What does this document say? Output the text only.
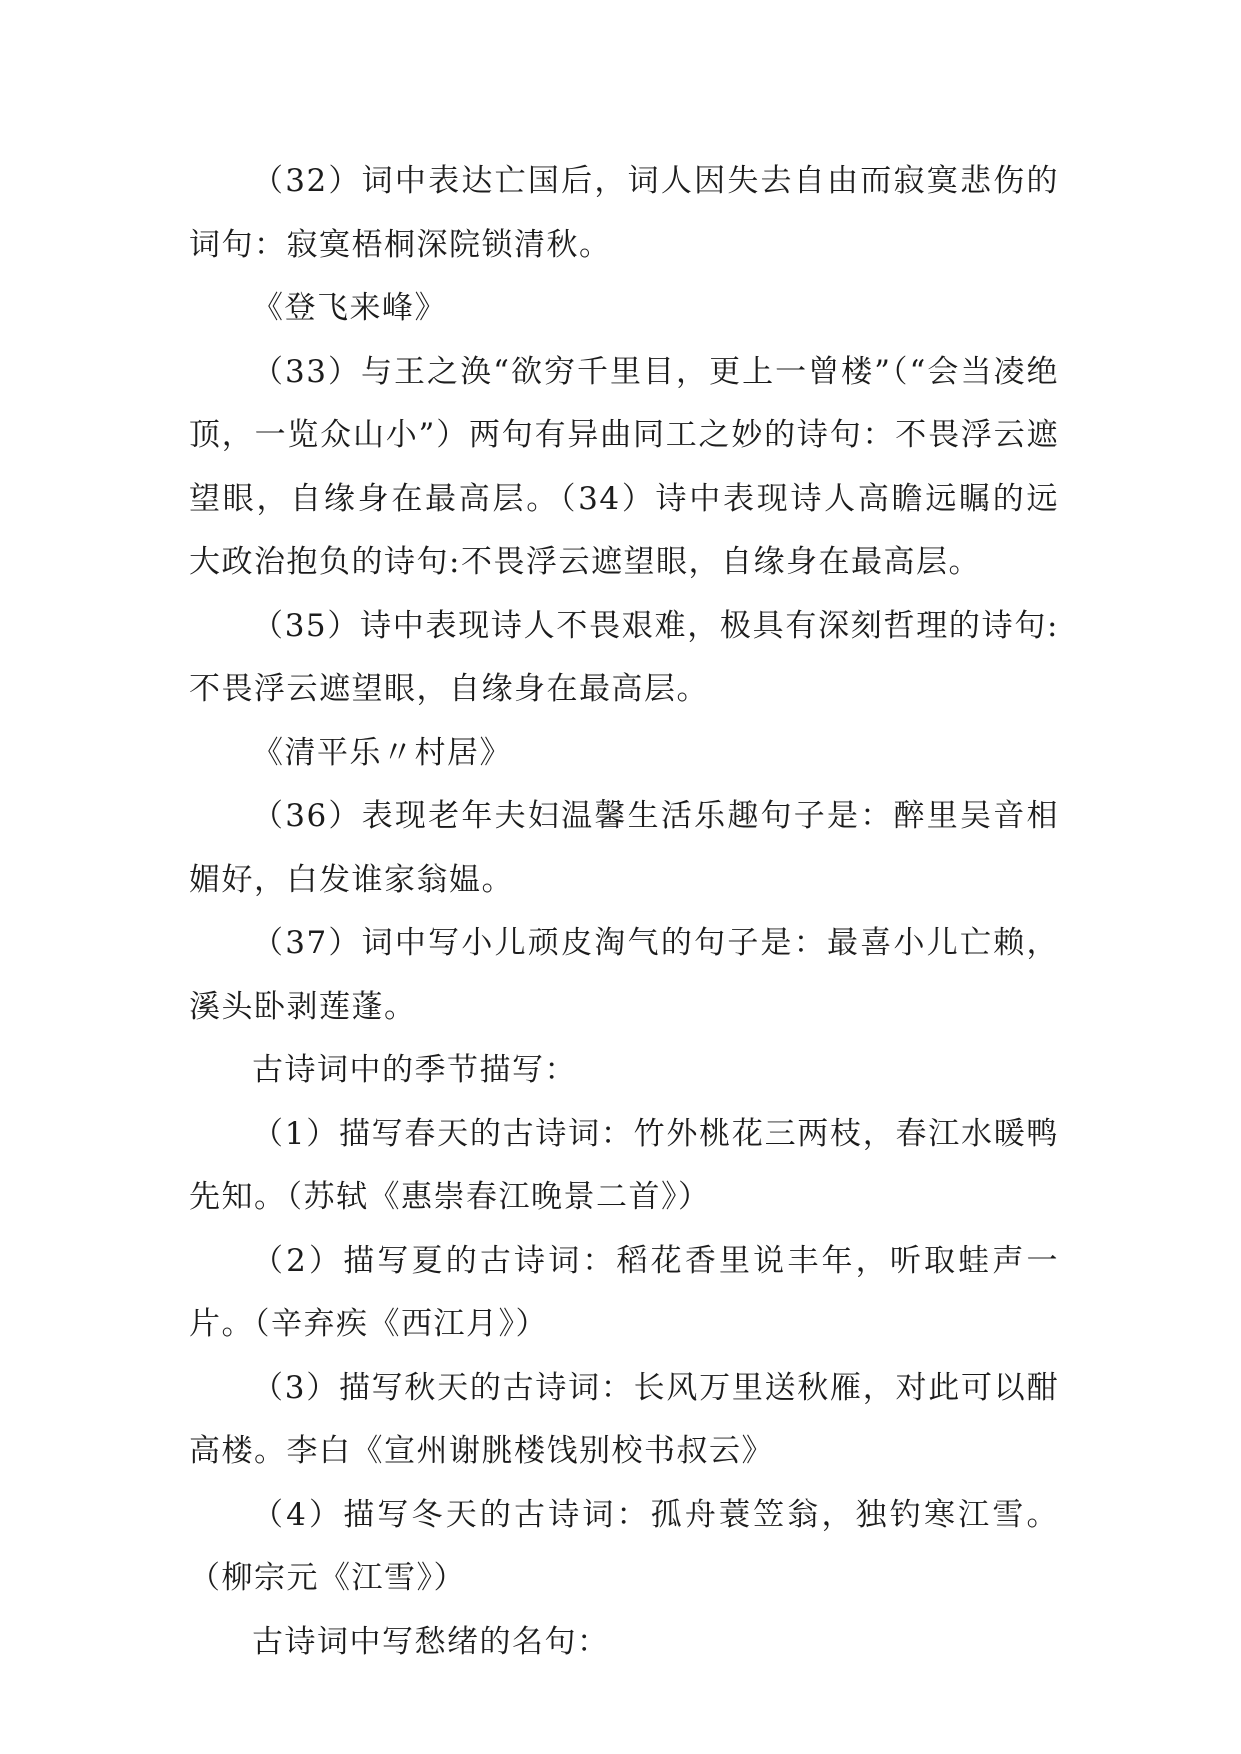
（32）词中表达亡国后，词人因失去自由而寂寞悲伤的词句：寂寞梧桐深院锁清秋。

《登飞来峰》

（33）与王之涣“欲穷千里目，更上一曾楼”（“会当凌绝顶，一览众山小”）两句有异曲同工之妙的诗句：不畏浮云遮望眼，自缘身在最高层。（34）诗中表现诗人高瞻远瞩的远大政治抱负的诗句:不畏浮云遮望眼，自缘身在最高层。

（35）诗中表现诗人不畏艰难，极具有深刻哲理的诗句:不畏浮云遮望眼，自缘身在最高层。

《清平乐〃村居》

（36）表现老年夫妇温馨生活乐趣句子是：醉里吴音相媚好，白发谁家翁媪。

（37）词中写小儿顽皮淘气的句子是：最喜小儿亡赖，溪头卧剥莲蓬。

古诗词中的季节描写：

（1）描写春天的古诗词：竹外桃花三两枝，春江水暖鸭先知。（苏轼《惠崇春江晚景二首》）

（2）描写夏的古诗词：稻花香里说丰年，听取蛙声一片。（辛弃疾《西江月》）

（3）描写秋天的古诗词：长风万里送秋雁，对此可以酣高楼。李白《宣州谢朓楼饯别校书叔云》

（4）描写冬天的古诗词：孤舟蓑笠翁，独钓寒江雪。（柳宗元《江雪》）

古诗词中写愁绪的名句：
